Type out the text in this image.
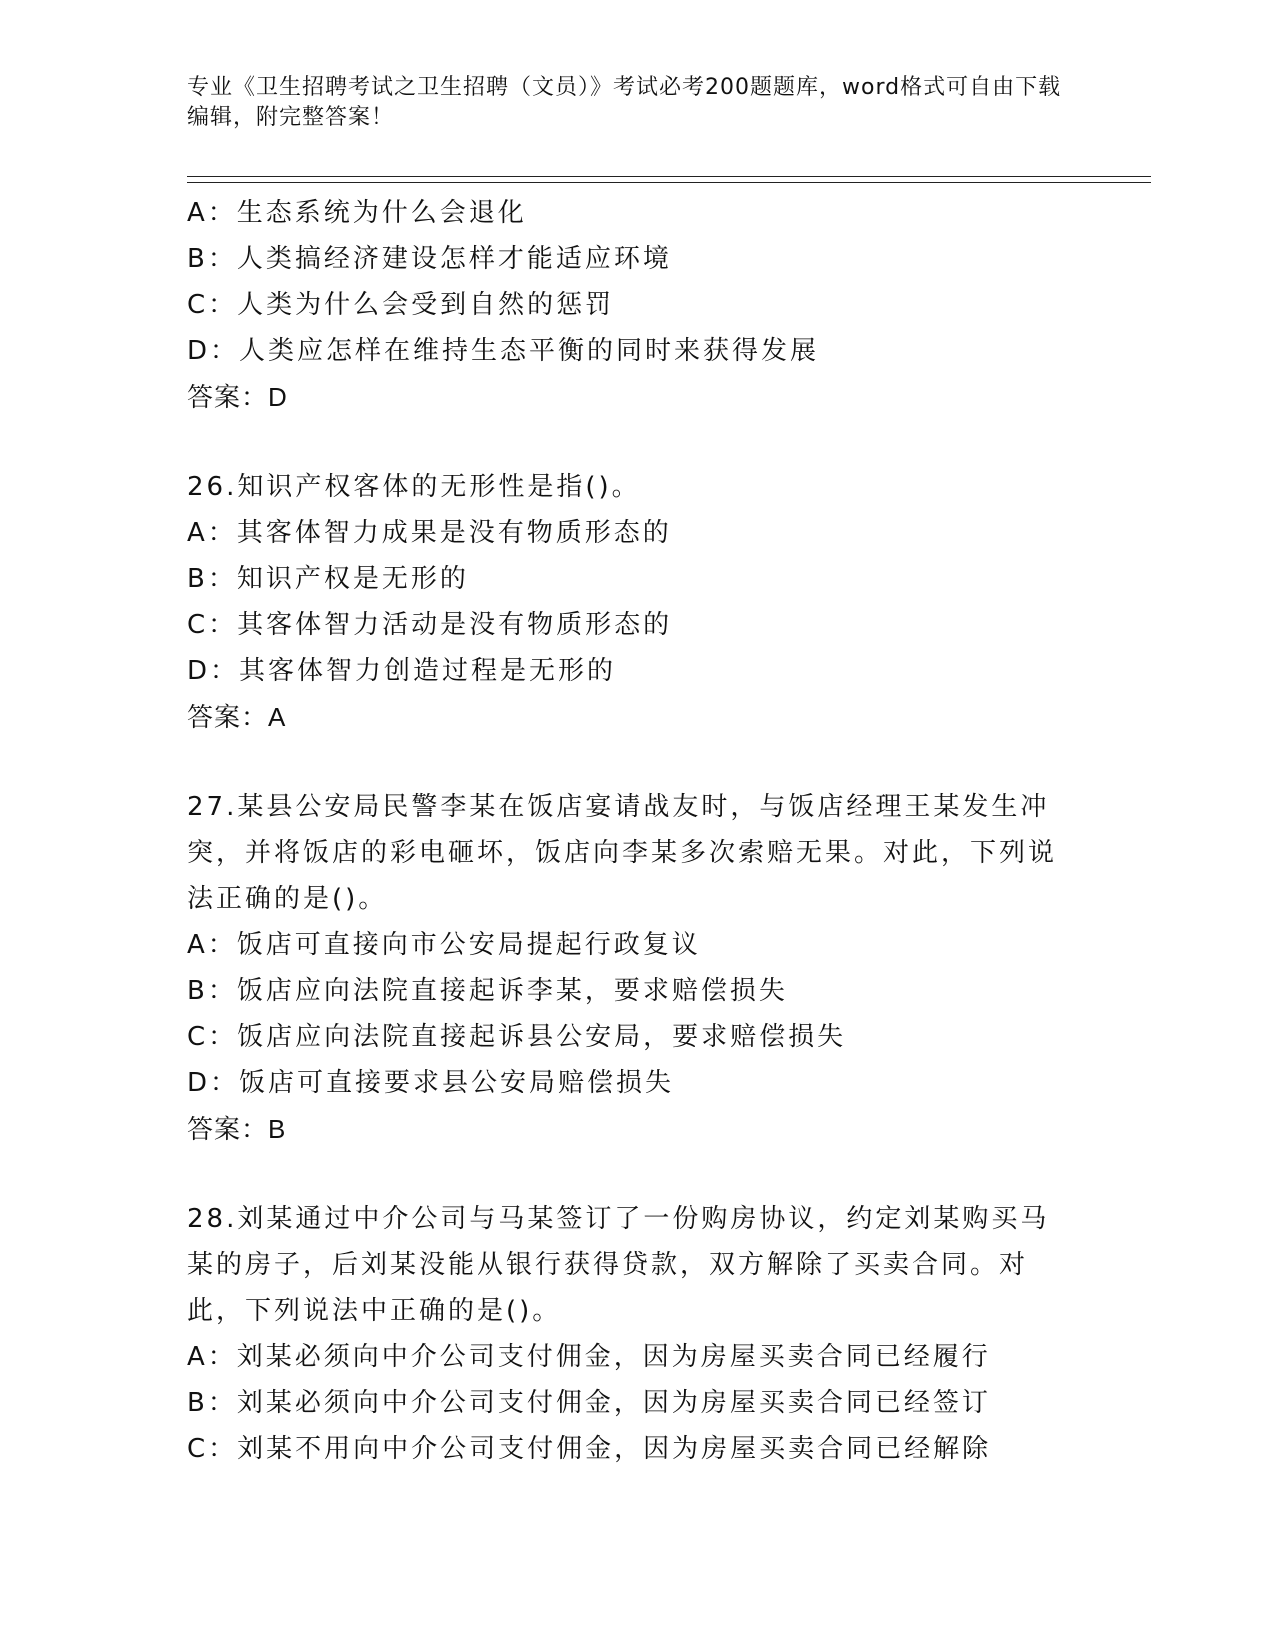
专业《卫生招聘考试之卫生招聘（文员）》考试必考200题题库，word格式可自由下载编辑，附完整答案！

A：生态系统为什么会退化

B：人类搞经济建设怎样才能适应环境

C：人类为什么会受到自然的惩罚

D：人类应怎样在维持生态平衡的同时来获得发展

答案：D

26.知识产权客体的无形性是指()。

A：其客体智力成果是没有物质形态的

B：知识产权是无形的

C：其客体智力活动是没有物质形态的

D：其客体智力创造过程是无形的

答案：A

27.某县公安局民警李某在饭店宴请战友时，与饭店经理王某发生冲突，并将饭店的彩电砸坏，饭店向李某多次索赔无果。对此，下列说法正确的是()。

A：饭店可直接向市公安局提起行政复议

B：饭店应向法院直接起诉李某，要求赔偿损失

C：饭店应向法院直接起诉县公安局，要求赔偿损失

D：饭店可直接要求县公安局赔偿损失

答案：B

28.刘某通过中介公司与马某签订了一份购房协议，约定刘某购买马某的房子，后刘某没能从银行获得贷款，双方解除了买卖合同。对此，下列说法中正确的是()。

A：刘某必须向中介公司支付佣金，因为房屋买卖合同已经履行

B：刘某必须向中介公司支付佣金，因为房屋买卖合同已经签订

C：刘某不用向中介公司支付佣金，因为房屋买卖合同已经解除
